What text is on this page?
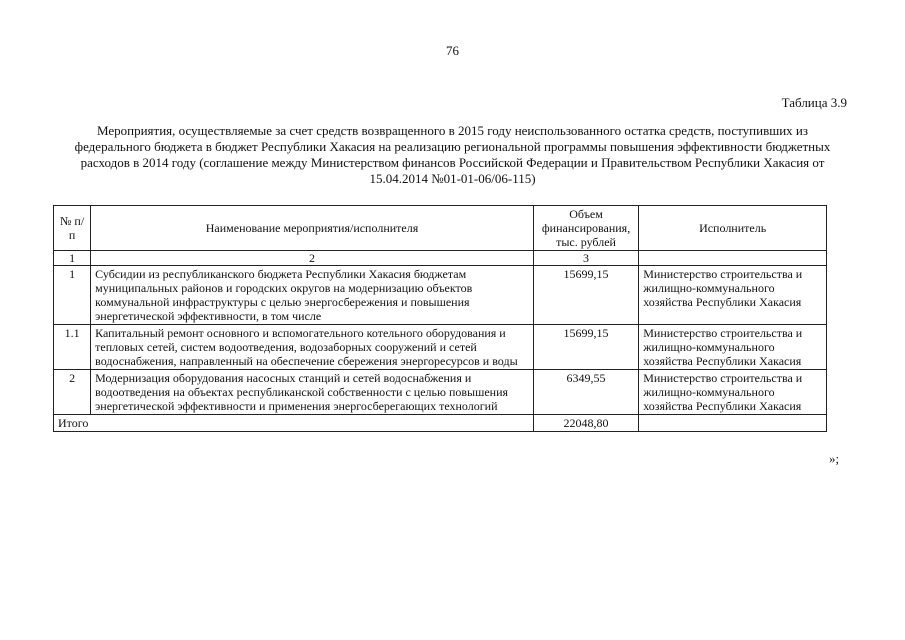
76
Таблица 3.9
Мероприятия, осуществляемые за счет средств возвращенного в 2015 году неиспользованного остатка средств, поступивших из федерального бюджета в бюджет Республики Хакасия на реализацию региональной программы повышения эффективности бюджетных расходов в 2014 году (соглашение между Министерством финансов Российской Федерации и Правительством Республики Хакасия от 15.04.2014 №01-01-06/06-115)
№ п/п	Наименование мероприятия/исполнителя	Объем финансирования, тыс. рублей	Исполнитель
1	2	3	
1	Субсидии из республиканского бюджета Республики Хакасия бюджетам муниципальных районов и городских округов на модернизацию объектов коммунальной инфраструктуры с целью энергосбережения и повышения энергетической эффективности, в том числе	15699,15	Министерство строительства и жилищно-коммунального хозяйства Республики Хакасия
1.1	Капитальный ремонт основного и вспомогательного котельного оборудования и тепловых сетей, систем водоотведения, водозаборных сооружений и сетей водоснабжения, направленный на обеспечение сбережения энергоресурсов и воды	15699,15	Министерство строительства и жилищно-коммунального хозяйства Республики Хакасия
2	Модернизация оборудования насосных станций и сетей водоснабжения и водоотведения на объектах республиканской собственности с целью повышения энергетической эффективности и применения энергосберегающих технологий	6349,55	Министерство строительства и жилищно-коммунального хозяйства Республики Хакасия
Итого		22048,80	
»;
